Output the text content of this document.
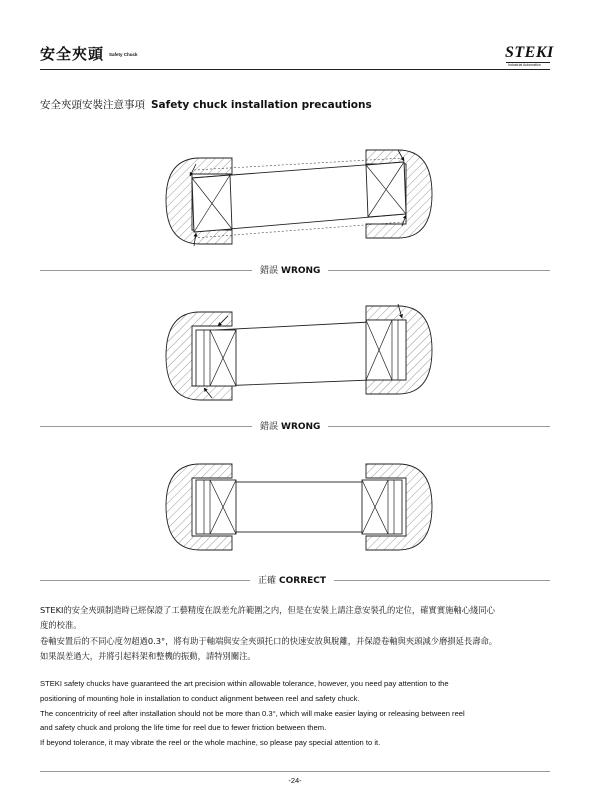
安全夾頭 Safety Chuck	STEKI
Industrial Automation
安全夾頭安裝注意事項 Safety chuck installation precautions
錯誤 WRONG
錯誤 WRONG
正確 CORRECT
STEKI的安全夾頭制造時已經保證了工藝精度在誤差允許範圍之内，但是在安裝上請注意安裝孔的定位，確實實施軸心綫同心
度的校准。
卷軸安置后的不同心度勿超過0.3°，將有助于軸端與安全夾頭托口的快速安放與脫離，并保證卷軸與夾頭減少磨損延長壽命。
如果誤差過大，并將引起料架和整機的振動，請特別關注。
STEKI safety chucks have guaranteed the art precision within allowable tolerance, however, you need pay attention to the
positioning of mounting hole in installation to conduct alignment between reel and safety chuck.
The concentricity of reel after installation should not be more than 0.3°, which will make easier laying or releasing between reel
and safety chuck and prolong the life time for reel due to fewer friction between them.
If beyond tolerance, it may vibrate the reel or the whole machine, so please pay special attention to it.
-24-
